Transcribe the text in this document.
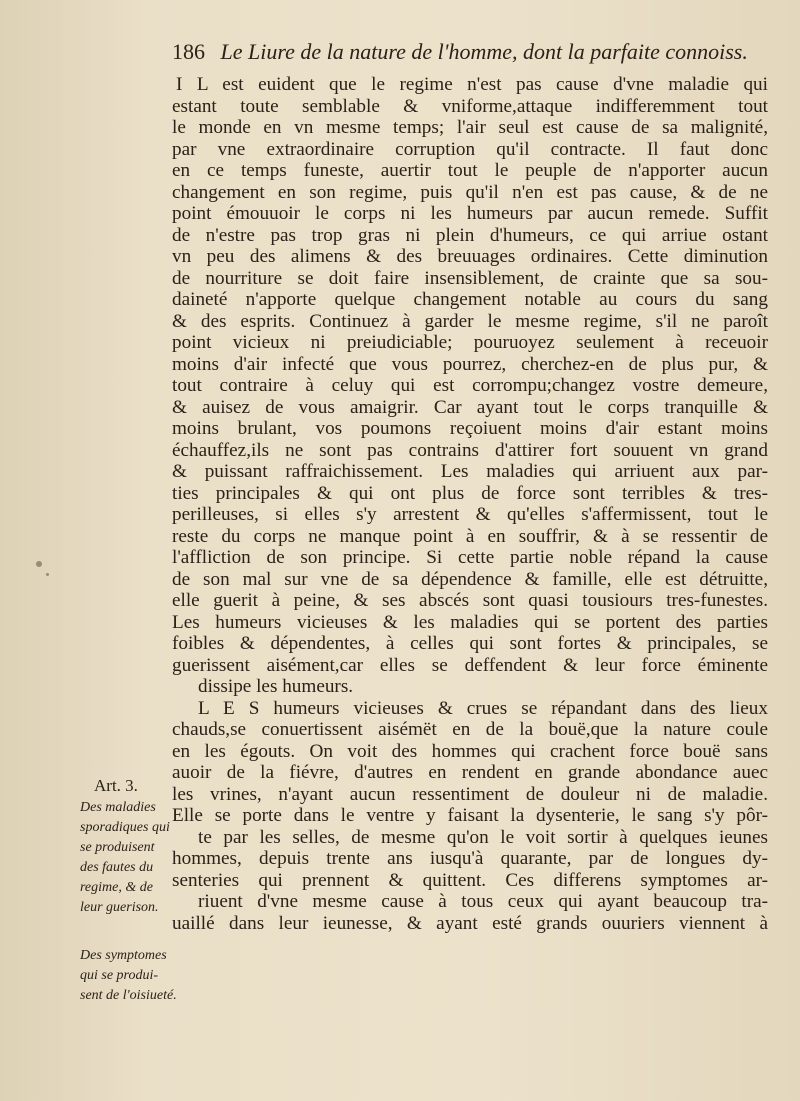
186 Le Liure de la nature de l'homme, dont la parfaite connoiss.
I L est euident que le regime n'est pas cause d'vne maladie qui
estant toute semblable & vniforme,attaque indifferemment tout
le monde en vn mesme temps; l'air seul est cause de sa malignité,
par vne extraordinaire corruption qu'il contracte. Il faut donc
en ce temps funeste, auertir tout le peuple de n'apporter aucun
changement en son regime, puis qu'il n'en est pas cause, & de ne
point émouuoir le corps ni les humeurs par aucun remede. Suffit
de n'estre pas trop gras ni plein d'humeurs, ce qui arriue ostant
vn peu des alimens & des breuuages ordinaires. Cette diminution
de nourriture se doit faire insensiblement, de crainte que sa sou-
daineté n'apporte quelque changement notable au cours du sang
& des esprits. Continuez à garder le mesme regime, s'il ne paroît
point vicieux ni preiudiciable; pouruoyez seulement à receuoir
moins d'air infecté que vous pourrez, cherchez-en de plus pur, &
tout contraire à celuy qui est corrompu;changez vostre demeure,
& auisez de vous amaigrir. Car ayant tout le corps tranquille &
moins brulant, vos poumons reçoiuent moins d'air estant moins
échauffez,ils ne sont pas contrains d'attirer fort souuent vn grand
& puissant raffraichissement. Les maladies qui arriuent aux par-
ties principales & qui ont plus de force sont terribles & tres-
perilleuses, si elles s'y arrestent & qu'elles s'affermissent, tout le
reste du corps ne manque point à en souffrir, & à se ressentir de
l'affliction de son principe. Si cette partie noble répand la cause
de son mal sur vne de sa dépendence & famille, elle est détruitte,
elle guerit à peine, & ses abscés sont quasi tousiours tres-funestes.
Les humeurs vicieuses & les maladies qui se portent des parties
foibles & dépendentes, à celles qui sont fortes & principales, se
guerissent aisément,car elles se deffendent & leur force éminente
dissipe les humeurs.
L E S humeurs vicieuses & crues se répandant dans des lieux
chauds,se conuertissent aisémët en de la bouë,que la nature coule
en les égouts. On voit des hommes qui crachent force bouë sans
auoir de la fiévre, d'autres en rendent en grande abondance auec
les vrines, n'ayant aucun ressentiment de douleur ni de maladie.
Elle se porte dans le ventre y faisant la dysenterie, le sang s'y pôr-
te par les selles, de mesme qu'on le voit sortir à quelques ieunes
hommes, depuis trente ans iusqu'à quarante, par de longues dy-
senteries qui prennent & quittent. Ces differens symptomes ar-
riuent d'vne mesme cause à tous ceux qui ayant beaucoup tra-
uaillé dans leur ieunesse, & ayant esté grands ouuriers viennent à
Art. 3.
Des maladies
sporadiques qui
se produisent
des fautes du
regime, & de
leur guerison.
Des symptomes
qui se produi-
sent de l'oisiueté.
